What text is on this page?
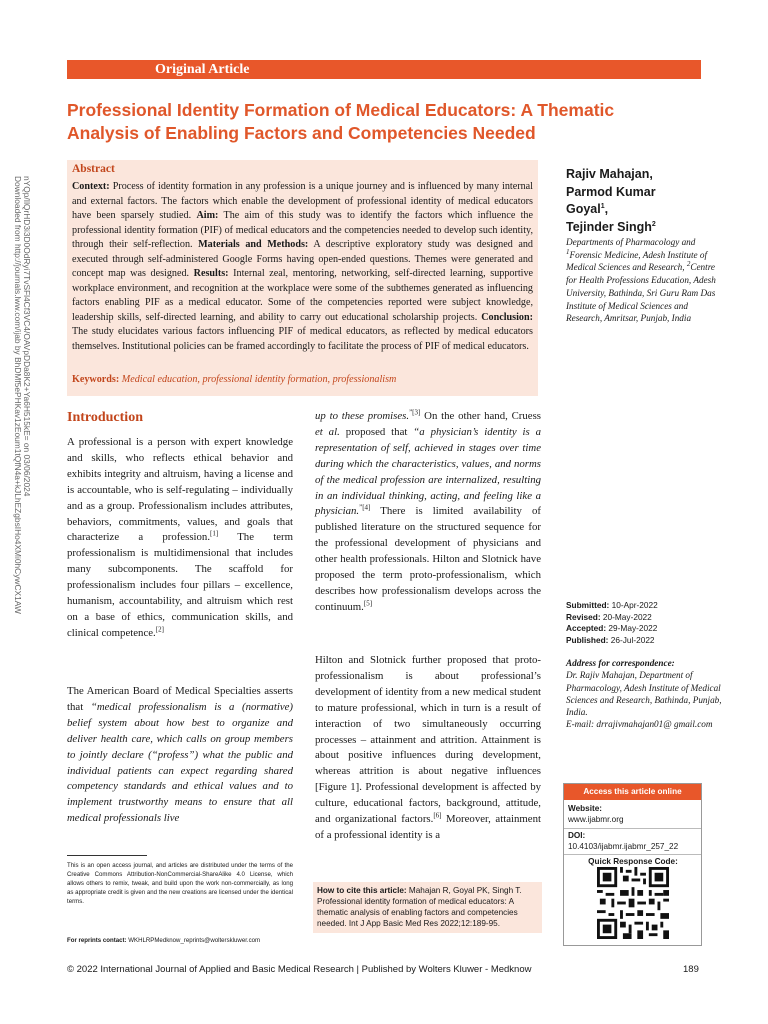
Original Article
Professional Identity Formation of Medical Educators: A Thematic Analysis of Enabling Factors and Competencies Needed
Downloaded from http://journals.lww.com/ijab by BhDMf5ePHKav1zEoum1tQfN4a+kJLhEZgbsIHo4XMi0hCywCX1AW nYQp/IlQrHD3i3D0OdRyi7TvSFl4Cf3VC4/OAVpDDa8K2+Ya6H515kE= on 03/06/2024
Abstract
Context: Process of identity formation in any profession is a unique journey and is influenced by many internal and external factors. The factors which enable the development of professional identity of medical educators have been sparsely studied. Aim: The aim of this study was to identify the factors which influence the professional identity formation (PIF) of medical educators and the competencies needed to develop such identity, through their self-reflection. Materials and Methods: A descriptive exploratory study was designed and executed through self-administered Google Forms having open-ended questions. Themes were generated and concept map was designed. Results: Internal zeal, mentoring, networking, self-directed learning, supportive workplace environment, and recognition at the workplace were some of the subthemes generated as influencing factors enabling PIF as a medical educator. Some of the competencies reported were subject knowledge, leadership skills, self-directed learning, and ability to carry out educational scholarship projects. Conclusion: The study elucidates various factors influencing PIF of medical educators, as reflected by medical educators themselves. Institutional policies can be framed accordingly to facilitate the process of PIF of medical educators.
Keywords: Medical education, professional identity formation, professionalism
Rajiv Mahajan,
Parmod Kumar
Goyal$^1$,
Tejinder Singh$^2$
Departments of Pharmacology and $^1$Forensic Medicine, Adesh Institute of Medical Sciences and Research, $^2$Centre for Health Professions Education, Adesh University, Bathinda, Sri Guru Ram Das Institute of Medical Sciences and Research, Amritsar, Punjab, India
Introduction
A professional is a person with expert knowledge and skills, who reflects ethical behavior and exhibits integrity and altruism, having a license and is accountable, who is self-regulating – individually and as a group. Professionalism includes attributes, behaviors, commitments, values, and goals that characterize a profession.[1] The term professionalism is multidimensional that includes many subcomponents. The scaffold for professionalism includes four pillars – excellence, humanism, accountability, and altruism which rest on a base of ethics, communication skills, and clinical competence.[2]
The American Board of Medical Specialties asserts that “medical professionalism is a (normative) belief system about how best to organize and deliver health care, which calls on group members to jointly declare (“profess”) what the public and individual patients can expect regarding shared competency standards and ethical values and to implement trustworthy means to ensure that all medical professionals live
up to these promises.$^{”[3]}$ On the other hand, Cruess et al. proposed that “a physician’s identity is a representation of self, achieved in stages over time during which the characteristics, values, and norms of the medical profession are internalized, resulting in an individual thinking, acting, and feeling like a physician.$^{”[4]}$ There is limited availability of published literature on the structured sequence for the professional development of physicians and other health professionals. Hilton and Slotnick have proposed the term proto-professionalism, which describes how professionalism develops across the continuum.[5]
Hilton and Slotnick further proposed that proto-professionalism is about professional’s development of identity from a new medical student to mature professional, which in turn is a result of interaction of two simultaneously occurring processes – attainment and attrition. Attainment is about positive influences during development, whereas attrition is about negative influences [Figure 1]. Professional development is affected by culture, educational factors, background, attitude, and organizational factors.[6] Moreover, attainment of a professional identity is a
This is an open access journal, and articles are distributed under the terms of the Creative Commons Attribution-NonCommercial-ShareAlike 4.0 License, which allows others to remix, tweak, and build upon the work non-commercially, as long as appropriate credit is given and the new creations are licensed under the identical terms.
For reprints contact: WKHLRPMedknow_reprints@wolterskluwer.com
How to cite this article: Mahajan R, Goyal PK, Singh T. Professional identity formation of medical educators: A thematic analysis of enabling factors and competencies needed. Int J App Basic Med Res 2022;12:189-95.
Submitted: 10-Apr-2022
Revised: 20-May-2022
Accepted: 29-May-2022
Published: 26-Jul-2022
Address for correspondence:
Dr. Rajiv Mahajan, Department of Pharmacology, Adesh Institute of Medical Sciences and Research, Bathinda, Punjab, India.
E-mail: drrajivmahajan01@ gmail.com
Access this article online
Website:
www.ijabmr.org
DOI:
10.4103/ijabmr.ijabmr_257_22
Quick Response Code:
© 2022 International Journal of Applied and Basic Medical Research | Published by Wolters Kluwer - Medknow	189
